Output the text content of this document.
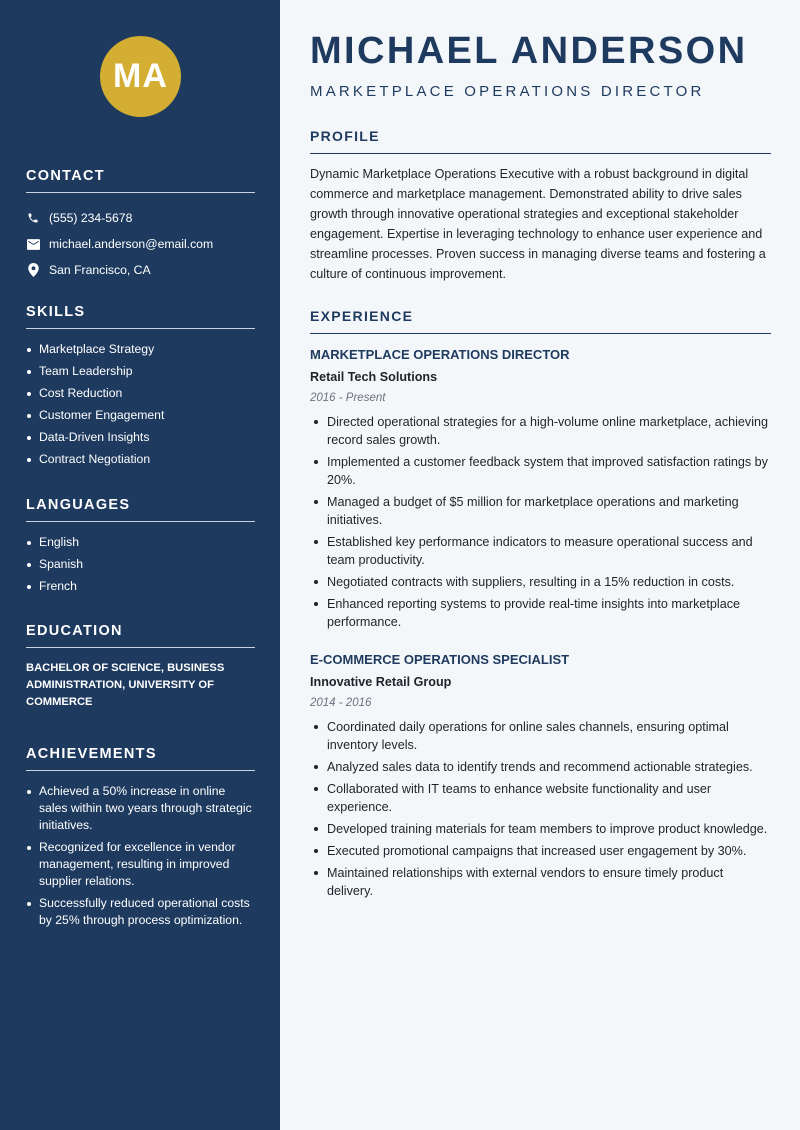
MA
CONTACT
(555) 234-5678
michael.anderson@email.com
San Francisco, CA
SKILLS
Marketplace Strategy
Team Leadership
Cost Reduction
Customer Engagement
Data-Driven Insights
Contract Negotiation
LANGUAGES
English
Spanish
French
EDUCATION
BACHELOR OF SCIENCE, BUSINESS ADMINISTRATION, UNIVERSITY OF COMMERCE
ACHIEVEMENTS
Achieved a 50% increase in online sales within two years through strategic initiatives.
Recognized for excellence in vendor management, resulting in improved supplier relations.
Successfully reduced operational costs by 25% through process optimization.
MICHAEL ANDERSON
MARKETPLACE OPERATIONS DIRECTOR
PROFILE
Dynamic Marketplace Operations Executive with a robust background in digital commerce and marketplace management. Demonstrated ability to drive sales growth through innovative operational strategies and exceptional stakeholder engagement. Expertise in leveraging technology to enhance user experience and streamline processes. Proven success in managing diverse teams and fostering a culture of continuous improvement.
EXPERIENCE
MARKETPLACE OPERATIONS DIRECTOR
Retail Tech Solutions
2016 - Present
Directed operational strategies for a high-volume online marketplace, achieving record sales growth.
Implemented a customer feedback system that improved satisfaction ratings by 20%.
Managed a budget of $5 million for marketplace operations and marketing initiatives.
Established key performance indicators to measure operational success and team productivity.
Negotiated contracts with suppliers, resulting in a 15% reduction in costs.
Enhanced reporting systems to provide real-time insights into marketplace performance.
E-COMMERCE OPERATIONS SPECIALIST
Innovative Retail Group
2014 - 2016
Coordinated daily operations for online sales channels, ensuring optimal inventory levels.
Analyzed sales data to identify trends and recommend actionable strategies.
Collaborated with IT teams to enhance website functionality and user experience.
Developed training materials for team members to improve product knowledge.
Executed promotional campaigns that increased user engagement by 30%.
Maintained relationships with external vendors to ensure timely product delivery.
